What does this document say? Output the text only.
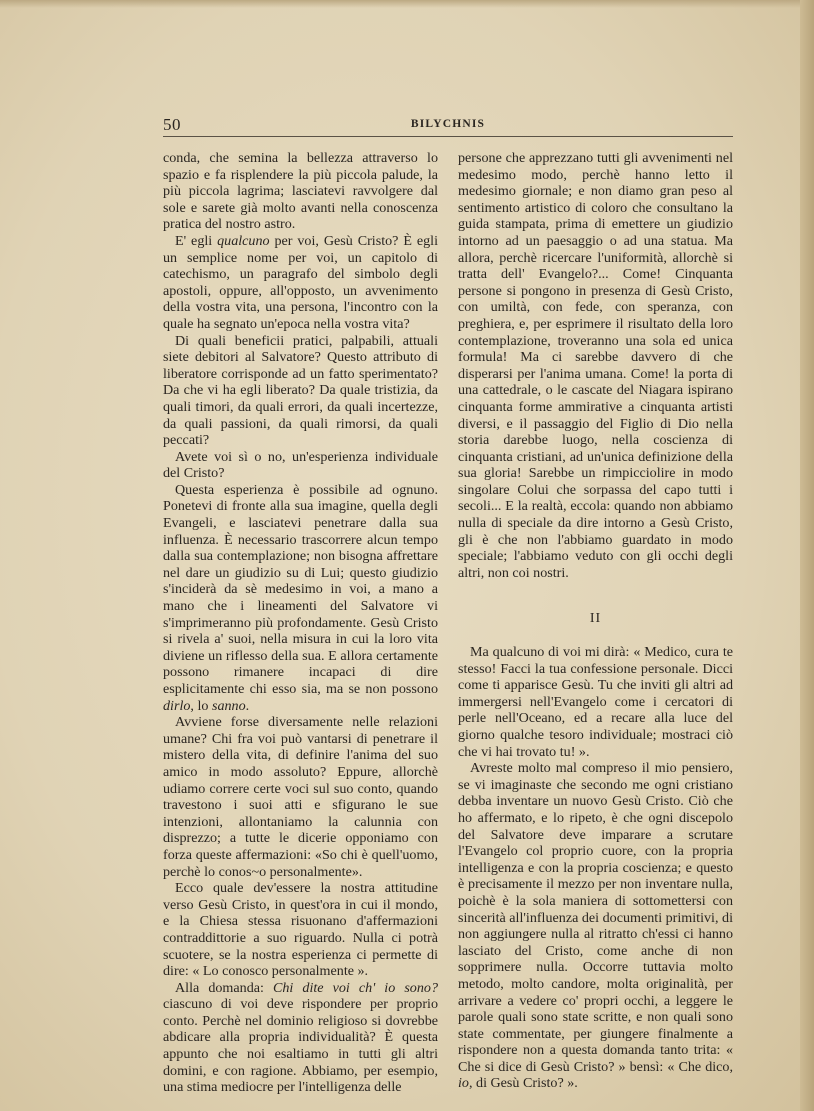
50	BILYCHNIS

conda, che semina la bellezza attraverso lo spazio e fa risplendere la più piccola palude, la più piccola lagrima; lasciatevi ravvolgere dal sole e sarete già molto avanti nella conoscenza pratica del nostro astro.

E' egli qualcuno per voi, Gesù Cristo? È egli un semplice nome per voi, un capitolo di catechismo, un paragrafo del simbolo degli apostoli, oppure, all'opposto, un avvenimento della vostra vita, una persona, l'incontro con la quale ha segnato un'epoca nella vostra vita?

Di quali beneficii pratici, palpabili, attuali siete debitori al Salvatore? Questo attributo di liberatore corrisponde ad un fatto sperimentato? Da che vi ha egli liberato? Da quale tristizia, da quali timori, da quali errori, da quali incertezze, da quali passioni, da quali rimorsi, da quali peccati?

Avete voi sì o no, un'esperienza individuale del Cristo?

Questa esperienza è possibile ad ognuno. Ponetevi di fronte alla sua imagine, quella degli Evangeli, e lasciatevi penetrare dalla sua influenza. È necessario trascorrere alcun tempo dalla sua contemplazione; non bisogna affrettare nel dare un giudizio su di Lui; questo giudizio s'inciderà da sè medesimo in voi, a mano a mano che i lineamenti del Salvatore vi s'imprimeranno più profondamente. Gesù Cristo si rivela a' suoi, nella misura in cui la loro vita diviene un riflesso della sua. E allora certamente possono rimanere incapaci di dire esplicitamente chi esso sia, ma se non possono dirlo, lo sanno.

Avviene forse diversamente nelle relazioni umane? Chi fra voi può vantarsi di penetrare il mistero della vita, di definire l'anima del suo amico in modo assoluto? Eppure, allorchè udiamo correre certe voci sul suo conto, quando travestono i suoi atti e sfigurano le sue intenzioni, allontaniamo la calunnia con disprezzo; a tutte le dicerie opponiamo con forza queste affermazioni: «So chi è quell'uomo, perchè lo conos~o personalmente».

Ecco quale dev'essere la nostra attitudine verso Gesù Cristo, in quest'ora in cui il mondo, e la Chiesa stessa risuonano d'affermazioni contraddittorie a suo riguardo. Nulla ci potrà scuotere, se la nostra esperienza ci permette di dire: « Lo conosco personalmente ».

Alla domanda: Chi dite voi ch' io sono? ciascuno di voi deve rispondere per proprio conto. Perchè nel dominio religioso si dovrebbe abdicare alla propria individualità? È questa appunto che noi esaltiamo in tutti gli altri domini, e con ragione. Abbiamo, per esempio, una stima mediocre per l'intelligenza delle

persone che apprezzano tutti gli avvenimenti nel medesimo modo, perchè hanno letto il medesimo giornale; e non diamo gran peso al sentimento artistico di coloro che consultano la guida stampata, prima di emettere un giudizio intorno ad un paesaggio o ad una statua. Ma allora, perchè ricercare l'uniformità, allorchè si tratta dell' Evangelo?... Come! Cinquanta persone si pongono in presenza di Gesù Cristo, con umiltà, con fede, con speranza, con preghiera, e, per esprimere il risultato della loro contemplazione, troveranno una sola ed unica formula! Ma ci sarebbe davvero di che disperarsi per l'anima umana. Come! la porta di una cattedrale, o le cascate del Niagara ispirano cinquanta forme ammirative a cinquanta artisti diversi, e il passaggio del Figlio di Dio nella storia darebbe luogo, nella coscienza di cinquanta cristiani, ad un'unica definizione della sua gloria! Sarebbe un rimpicciolire in modo singolare Colui che sorpassa del capo tutti i secoli... E la realtà, eccola: quando non abbiamo nulla di speciale da dire intorno a Gesù Cristo, gli è che non l'abbiamo guardato in modo speciale; l'abbiamo veduto con gli occhi degli altri, non coi nostri.

II

Ma qualcuno di voi mi dirà: « Medico, cura te stesso! Facci la tua confessione personale. Dicci come ti apparisce Gesù. Tu che inviti gli altri ad immergersi nell'Evangelo come i cercatori di perle nell'Oceano, ed a recare alla luce del giorno qualche tesoro individuale; mostraci ciò che vi hai trovato tu! ».

Avreste molto mal compreso il mio pensiero, se vi imaginaste che secondo me ogni cristiano debba inventare un nuovo Gesù Cristo. Ciò che ho affermato, e lo ripeto, è che ogni discepolo del Salvatore deve imparare a scrutare l'Evangelo col proprio cuore, con la propria intelligenza e con la propria coscienza; e questo è precisamente il mezzo per non inventare nulla, poichè è la sola maniera di sottomettersi con sincerità all'influenza dei documenti primitivi, di non aggiungere nulla al ritratto ch'essi ci hanno lasciato del Cristo, come anche di non sopprimere nulla. Occorre tuttavia molto metodo, molto candore, molta originalità, per arrivare a vedere co' propri occhi, a leggere le parole quali sono state scritte, e non quali sono state commentate, per giungere finalmente a rispondere non a questa domanda tanto trita: « Che si dice di Gesù Cristo? » bensì: « Che dico, io, di Gesù Cristo? ».
